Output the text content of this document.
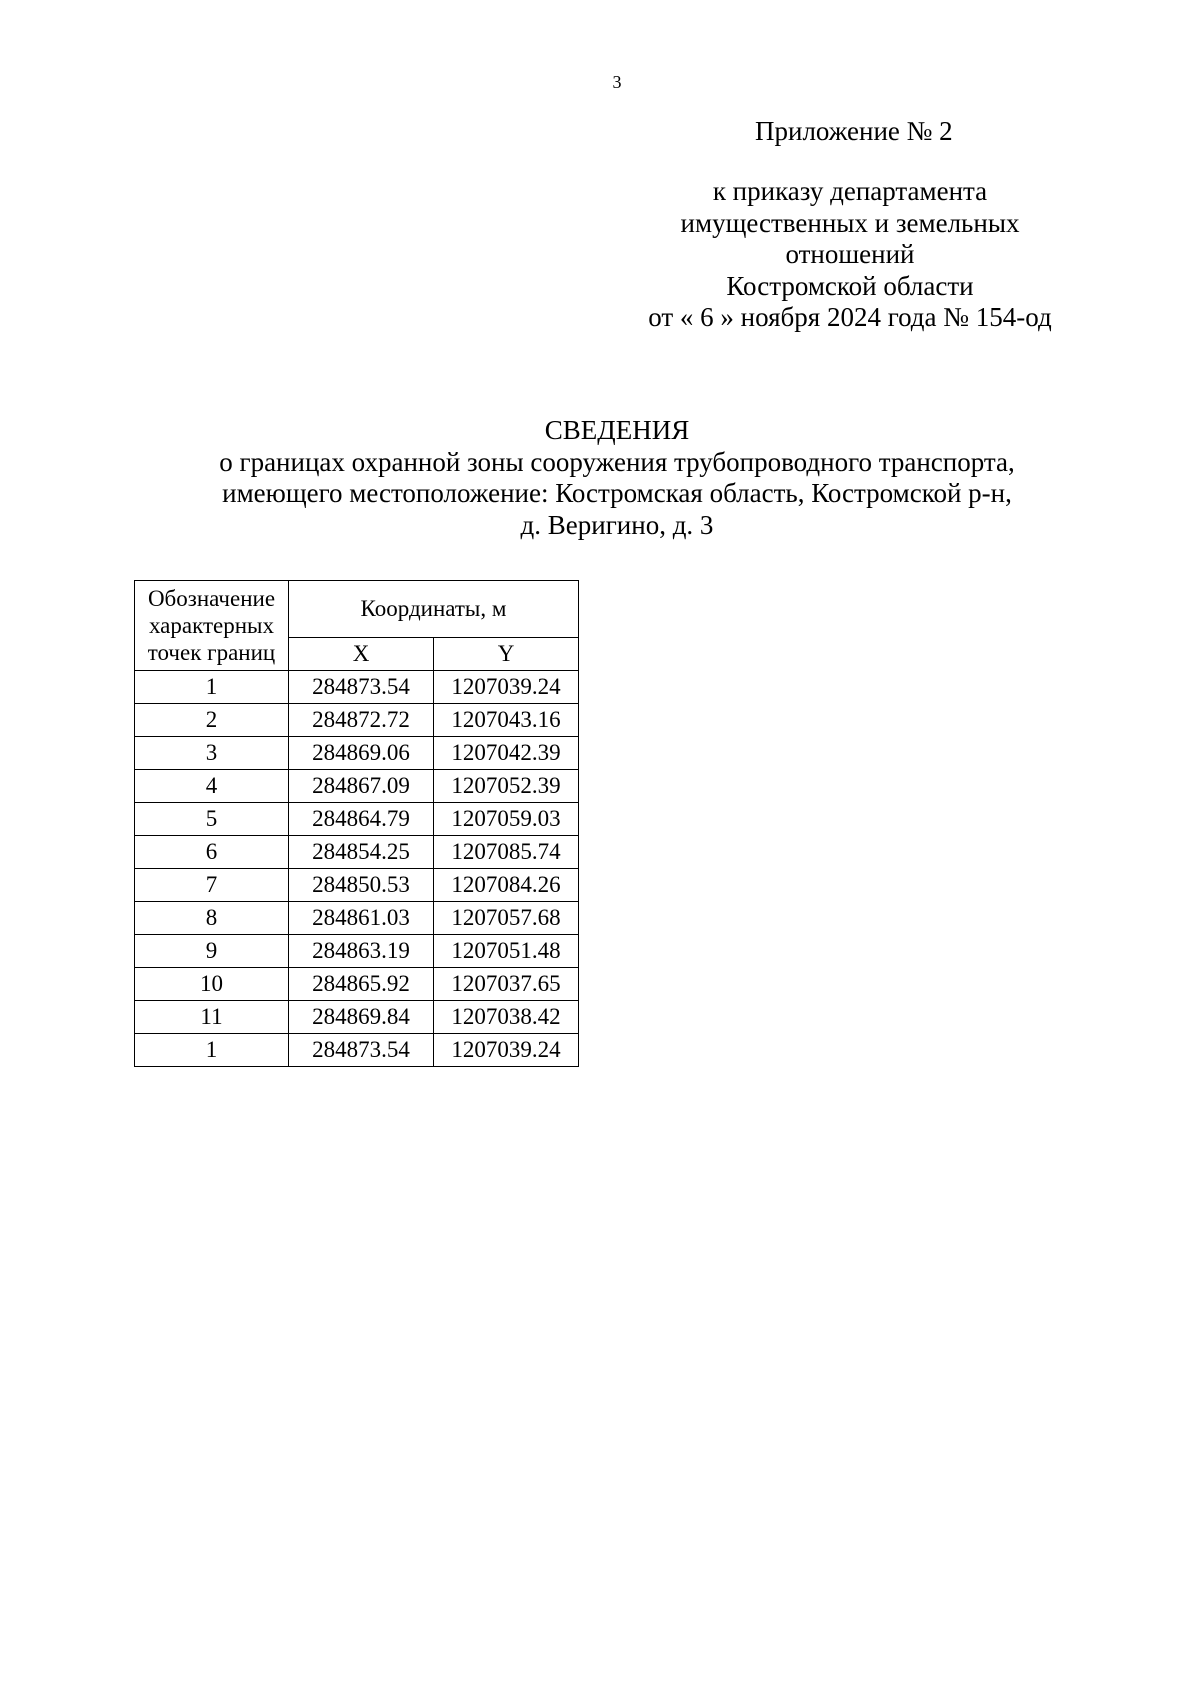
3
Приложение № 2
к приказу департамента
имущественных и земельных
отношений
Костромской области
от « 6 » ноября 2024 года № 154-од
СВЕДЕНИЯ
о границах охранной зоны сооружения трубопроводного транспорта,
имеющего местоположение: Костромская область, Костромской р-н,
д. Веригино, д. 3
Обозначение
характерных
точек границ	Координаты, м	
	X	Y
1	284873.54	1207039.24
2	284872.72	1207043.16
3	284869.06	1207042.39
4	284867.09	1207052.39
5	284864.79	1207059.03
6	284854.25	1207085.74
7	284850.53	1207084.26
8	284861.03	1207057.68
9	284863.19	1207051.48
10	284865.92	1207037.65
11	284869.84	1207038.42
1	284873.54	1207039.24
